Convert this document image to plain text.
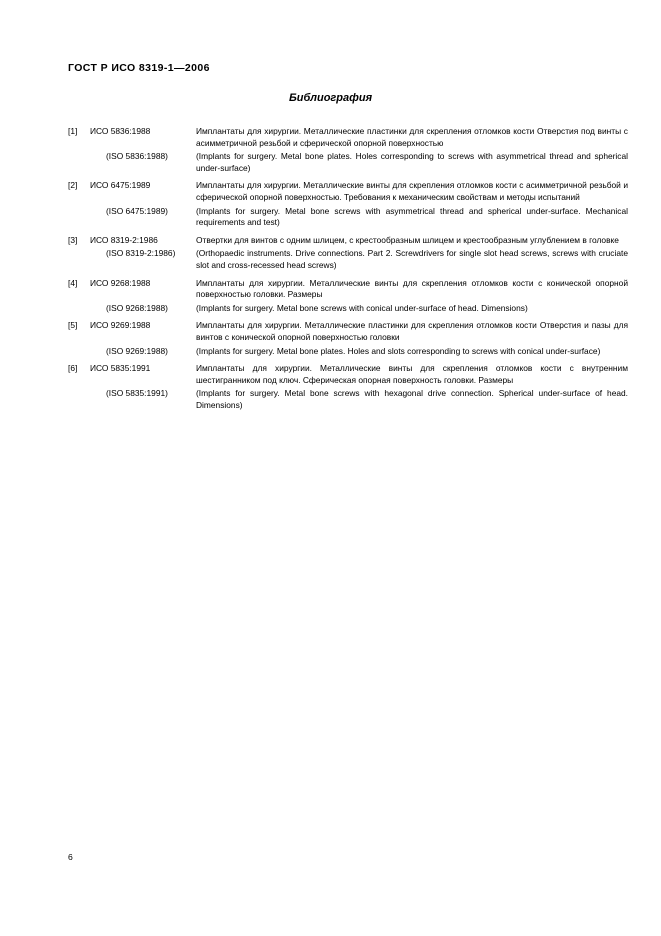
ГОСТ Р ИСО 8319-1—2006
Библиография
[1]	ИСО 5836:1988	Имплантаты для хирургии. Металлические пластинки для скрепления отломков кости Отверстия под винты с асимметричной резьбой и сферической опорной поверхностью
(ISO 5836:1988)	(Implants for surgery. Metal bone plates. Holes corresponding to screws with asymmetrical thread and spherical under-surface)
[2]	ИСО 6475:1989	Имплантаты для хирургии. Металлические винты для скрепления отломков кости с асимметричной резьбой и сферической опорной поверхностью. Требования к механическим свойствам и методы испытаний
(ISO 6475:1989)	(Implants for surgery. Metal bone screws with asymmetrical thread and spherical under-surface. Mechanical requirements and test)
[3]	ИСО 8319-2:1986	Отвертки для винтов с одним шлицем, с крестообразным шлицем и крестообразным углублением в головке
(ISO 8319-2:1986)	(Orthopaedic instruments. Drive connections. Part 2. Screwdrivers for single slot head screws, screws with cruciate slot and cross-recessed head screws)
[4]	ИСО 9268:1988	Имплантаты для хирургии. Металлические винты для скрепления отломков кости с конической опорной поверхностью головки. Размеры
(ISO 9268:1988)	(Implants for surgery. Metal bone screws with conical under-surface of head. Dimensions)
[5]	ИСО 9269:1988	Имплантаты для хирургии. Металлические пластинки для скрепления отломков кости Отверстия и пазы для винтов с конической опорной поверхностью головки
(ISO 9269:1988)	(Implants for surgery. Metal bone plates. Holes and slots corresponding to screws with conical under-surface)
[6]	ИСО 5835:1991	Имплантаты для хирургии. Металлические винты для скрепления отломков кости с внутренним шестигранником под ключ. Сферическая опорная поверхность головки. Размеры
(ISO 5835:1991)	(Implants for surgery. Metal bone screws with hexagonal drive connection. Spherical under-surface of head. Dimensions)
6
